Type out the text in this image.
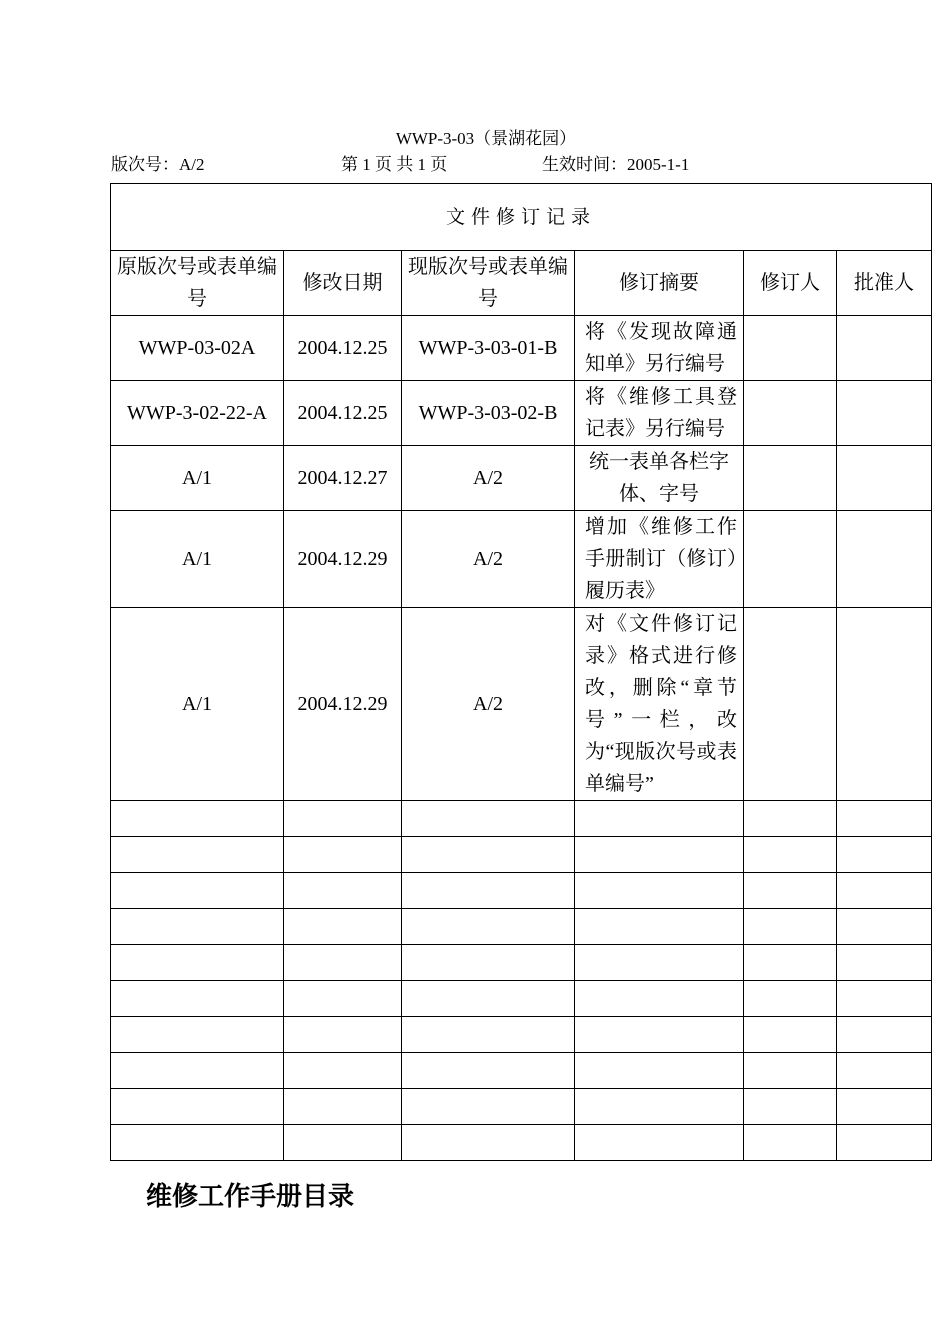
WWP-3-03（景湖花园）
版次号：A/2	第 1 页 共 1 页	生效时间：2005-1-1
文件修订记录					
原版次号或表单编号	修改日期	现版次号或表单编号	修订摘要	修订人	批准人
WWP-03-02A	2004.12.25	WWP-3-03-01-B	将《发现故障通知单》另行编号		

WWP-3-02-22-A	2004.12.25	WWP-3-03-02-B	将《维修工具登记表》另行编号		

A/1	2004.12.27	A/2	统一表单各栏字体、字号		

A/1	2004.12.29	A/2	增加《维修工作手册制订（修订）履历表》		

A/1	2004.12.29	A/2	对《文件修订记录》格式进行修改，删除“章节号”一栏，改为“现版次号或表单编号”		

维修工作手册目录
